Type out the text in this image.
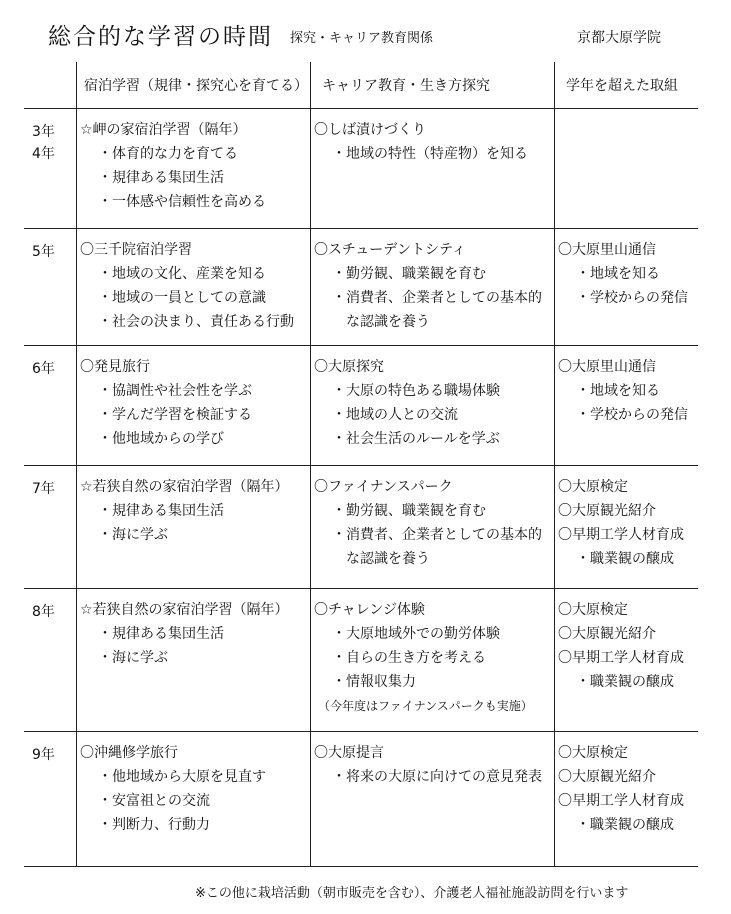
総合的な学習の時間 探究・キャリア教育関係	京都大原学院
宿泊学習（規律・探究心を育てる） キャリア教育・生き方探究	学年を超えた取組
3年
4年
☆岬の家宿泊学習（隔年）
・体育的な力を育てる
・規律ある集団生活
・一体感や信頼性を高める
〇しば漬けづくり
・地域の特性（特産物）を知る
5年 〇三千院宿泊学習
・地域の文化、産業を知る
・地域の一員としての意識
・社会の決まり、責任ある行動
〇スチューデントシティ
・勤労観、職業観を育む
・消費者、企業者としての基本的
な認識を養う
〇大原里山通信
・地域を知る
・学校からの発信
6年 〇発見旅行
・協調性や社会性を学ぶ
・学んだ学習を検証する
・他地域からの学び
〇大原探究
・大原の特色ある職場体験
・地域の人との交流
・社会生活のルールを学ぶ
〇大原里山通信
・地域を知る
・学校からの発信
7年 ☆若狭自然の家宿泊学習（隔年）
・規律ある集団生活
・海に学ぶ
〇ファイナンスパーク
・勤労観、職業観を育む
・消費者、企業者としての基本的
な認識を養う
〇大原検定
〇大原観光紹介
〇早期工学人材育成
・職業観の醸成
8年 ☆若狭自然の家宿泊学習（隔年）
・規律ある集団生活
・海に学ぶ
〇チャレンジ体験
・大原地域外での勤労体験
・自らの生き方を考える
・情報収集力
（今年度はファイナンスパークも実施）
〇大原検定
〇大原観光紹介
〇早期工学人材育成
・職業観の醸成
9年 〇沖縄修学旅行
・他地域から大原を見直す
・安富祖との交流
・判断力、行動力
〇大原提言
・将来の大原に向けての意見発表
〇大原検定
〇大原観光紹介
〇早期工学人材育成
・職業観の醸成
※この他に栽培活動（朝市販売を含む）、介護老人福祉施設訪問を行います
